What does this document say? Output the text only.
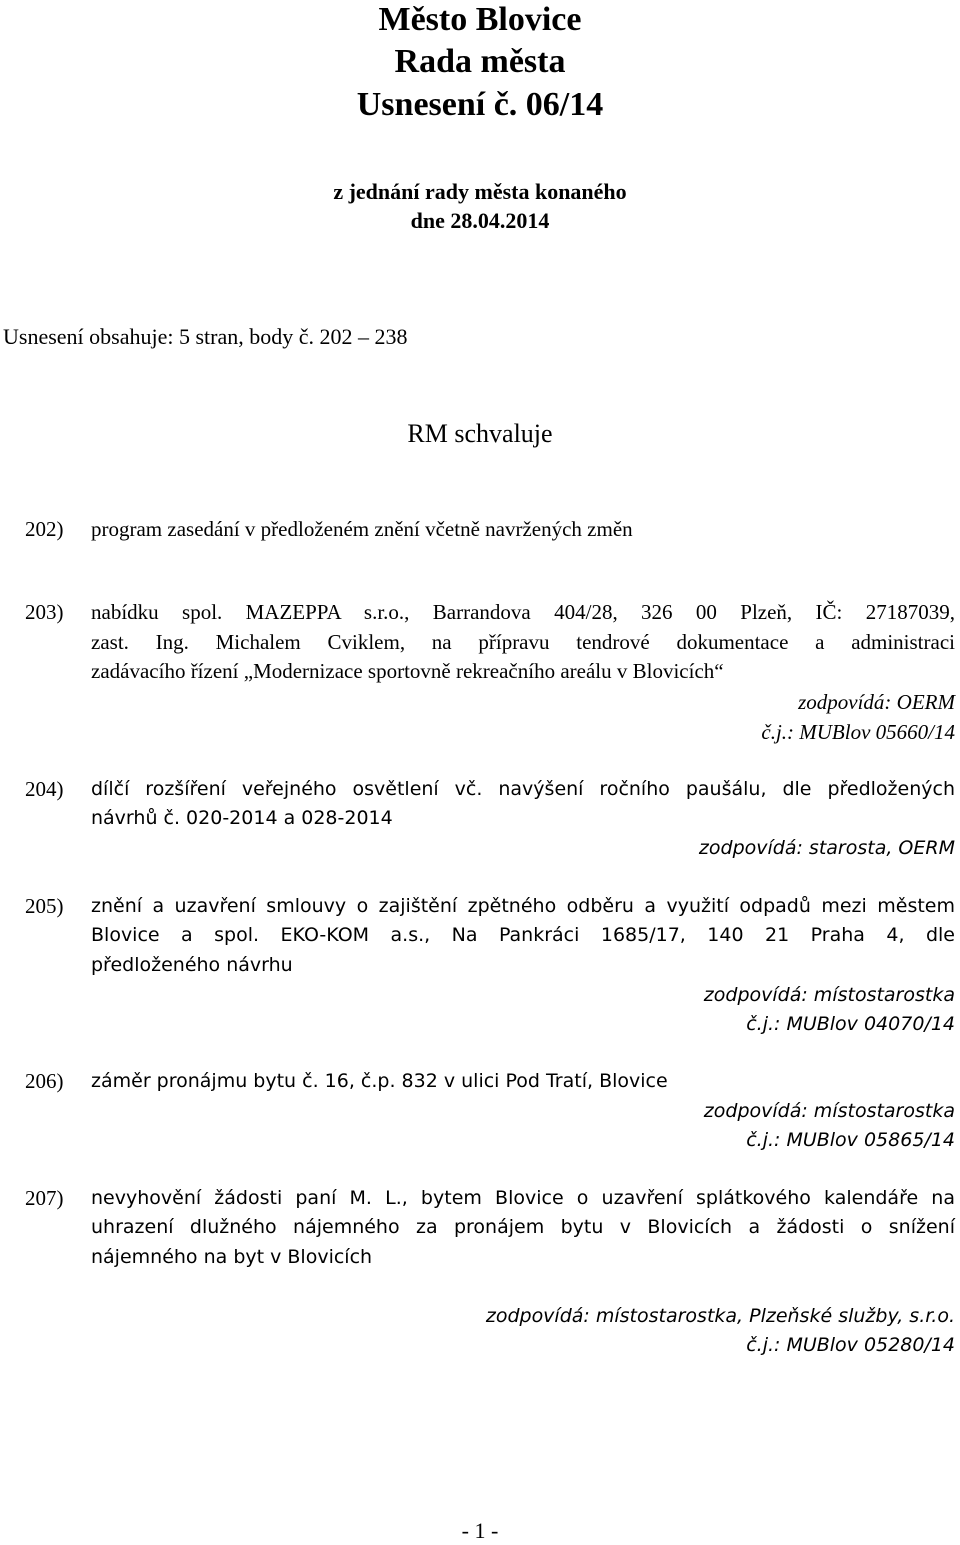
Město Blovice
Rada města
Usnesení č. 06/14
z jednání rady města konaného
dne 28.04.2014
Usnesení obsahuje: 5 stran, body č. 202 – 238
RM schvaluje
202) program zasedání v předloženém znění včetně navržených změn
203) nabídku spol. MAZEPPA s.r.o., Barrandova 404/28, 326 00 Plzeň, IČ: 27187039,
zast. Ing. Michalem Cviklem, na přípravu tendrové dokumentace a administraci
zadávacího řízení „Modernizace sportovně rekreačního areálu v Blovicích“
zodpovídá: OERM
č.j.: MUBlov 05660/14
204) dílčí rozšíření veřejného osvětlení vč. navýšení ročního paušálu, dle předložených
návrhů č. 020-2014 a 028-2014
zodpovídá: starosta, OERM
205) znění a uzavření smlouvy o zajištění zpětného odběru a využití odpadů mezi městem
Blovice a spol. EKO-KOM a.s., Na Pankráci 1685/17, 140 21 Praha 4, dle
předloženého návrhu
zodpovídá: místostarostka
č.j.: MUBlov 04070/14
206) záměr pronájmu bytu č. 16, č.p. 832 v ulici Pod Tratí, Blovice
zodpovídá: místostarostka
č.j.: MUBlov 05865/14
207) nevyhovění žádosti paní M. L., bytem Blovice o uzavření splátkového kalendáře na
uhrazení dlužného nájemného za pronájem bytu v Blovicích a žádosti o snížení
nájemného na byt v Blovicích
zodpovídá: místostarostka, Plzeňské služby, s.r.o.
č.j.: MUBlov 05280/14
- 1 -
